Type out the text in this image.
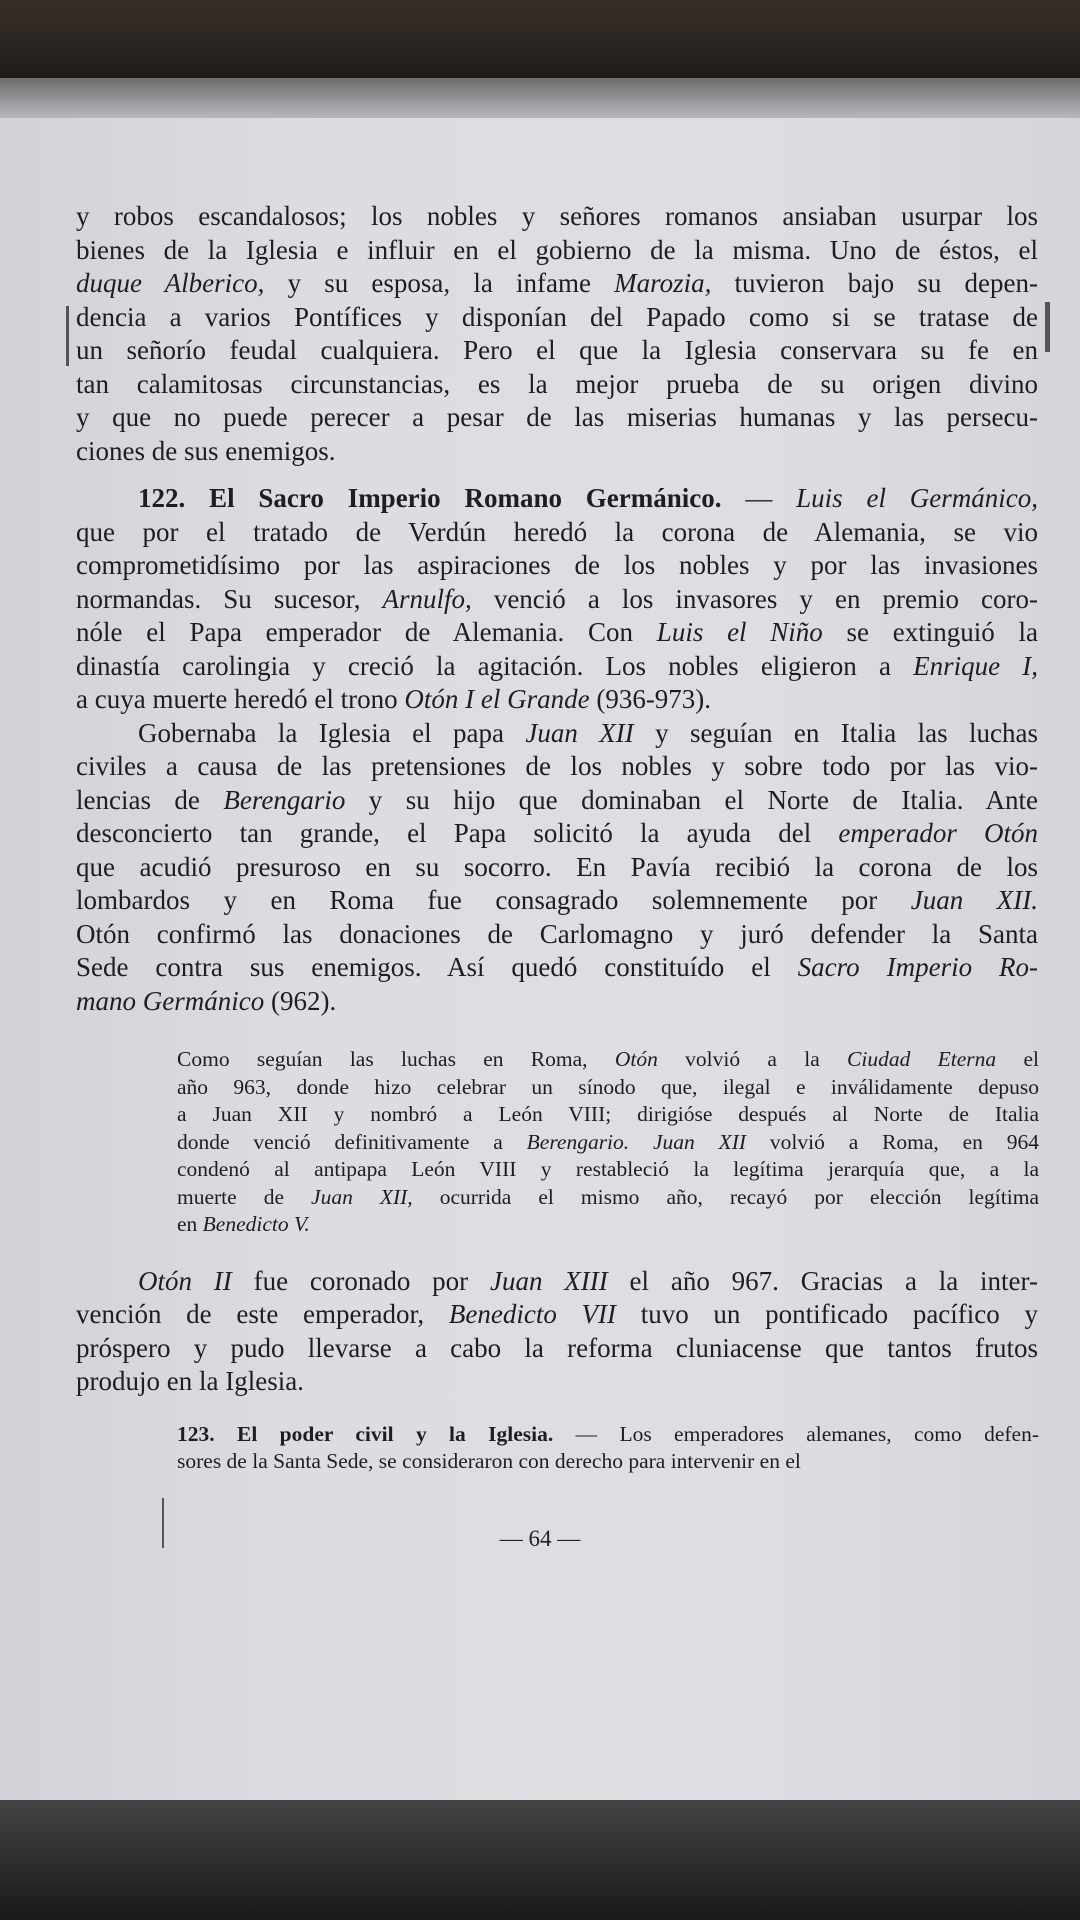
y robos escandalosos; los nobles y señores romanos ansiaban usurpar los
bienes de la Iglesia e influir en el gobierno de la misma. Uno de éstos, el
duque Alberico, y su esposa, la infame Marozia, tuvieron bajo su depen-
dencia a varios Pontífices y disponían del Papado como si se tratase de
un señorío feudal cualquiera. Pero el que la Iglesia conservara su fe en
tan calamitosas circunstancias, es la mejor prueba de su origen divino
y que no puede perecer a pesar de las miserias humanas y las persecu-
ciones de sus enemigos.
122. El Sacro Imperio Romano Germánico. — Luis el Germánico,
que por el tratado de Verdún heredó la corona de Alemania, se vio
comprometidísimo por las aspiraciones de los nobles y por las invasiones
normandas. Su sucesor, Arnulfo, venció a los invasores y en premio coro-
nóle el Papa emperador de Alemania. Con Luis el Niño se extinguió la
dinastía carolingia y creció la agitación. Los nobles eligieron a Enrique I,
a cuya muerte heredó el trono Otón I el Grande (936-973).
Gobernaba la Iglesia el papa Juan XII y seguían en Italia las luchas
civiles a causa de las pretensiones de los nobles y sobre todo por las vio-
lencias de Berengario y su hijo que dominaban el Norte de Italia. Ante
desconcierto tan grande, el Papa solicitó la ayuda del emperador Otón
que acudió presuroso en su socorro. En Pavía recibió la corona de los
lombardos y en Roma fue consagrado solemnemente por Juan XII.
Otón confirmó las donaciones de Carlomagno y juró defender la Santa
Sede contra sus enemigos. Así quedó constituído el Sacro Imperio Ro-
mano Germánico (962).
Como seguían las luchas en Roma, Otón volvió a la Ciudad Eterna el
año 963, donde hizo celebrar un sínodo que, ilegal e inválidamente depuso
a Juan XII y nombró a León VIII; dirigióse después al Norte de Italia
donde venció definitivamente a Berengario. Juan XII volvió a Roma, en 964
condenó al antipapa León VIII y restableció la legítima jerarquía que, a la
muerte de Juan XII, ocurrida el mismo año, recayó por elección legítima
en Benedicto V.
Otón II fue coronado por Juan XIII el año 967. Gracias a la inter-
vención de este emperador, Benedicto VII tuvo un pontificado pacífico y
próspero y pudo llevarse a cabo la reforma cluniacense que tantos frutos
produjo en la Iglesia.
123. El poder civil y la Iglesia. — Los emperadores alemanes, como defen-
sores de la Santa Sede, se consideraron con derecho para intervenir en el
— 64 —
